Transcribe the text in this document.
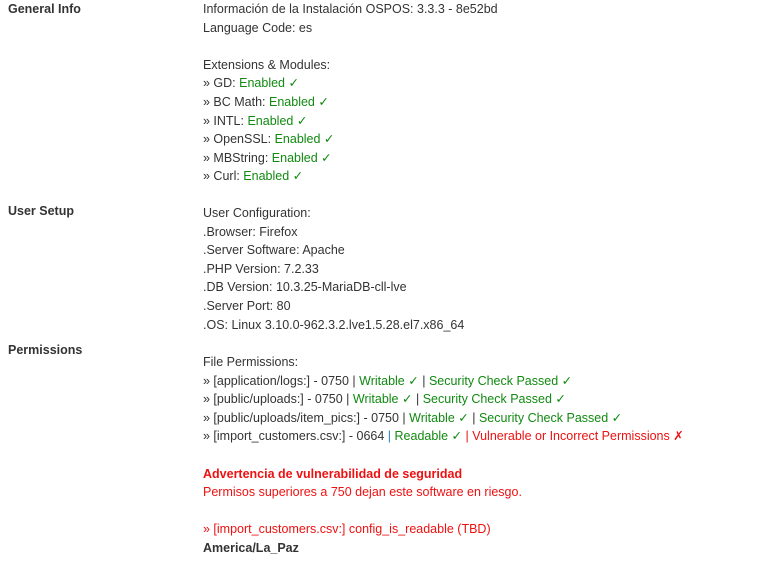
General Info	Información de la Instalación OSPOS: 3.3.3 - 8e52bd
Language Code: es
Extensions & Modules:
» GD: Enabled ✓
» BC Math: Enabled ✓
» INTL: Enabled ✓
» OpenSSL: Enabled ✓
» MBString: Enabled ✓
» Curl: Enabled ✓
User Setup	User Configuration:
.Browser: Firefox
.Server Software: Apache
.PHP Version: 7.2.33
.DB Version: 10.3.25-MariaDB-cll-lve
.Server Port: 80
.OS: Linux 3.10.0-962.3.2.lve1.5.28.el7.x86_64
Permissions
File Permissions:
» [application/logs:] - 0750 | Writable ✓ | Security Check Passed ✓
» [public/uploads:] - 0750 | Writable ✓ | Security Check Passed ✓
» [public/uploads/item_pics:] - 0750 | Writable ✓ | Security Check Passed ✓
» [import_customers.csv:] - 0664 | Readable ✓ | Vulnerable or Incorrect Permissions ✗
Advertencia de vulnerabilidad de seguridad
Permisos superiores a 750 dejan este software en riesgo.
» [import_customers.csv:] config_is_readable (TBD)
America/La_Paz
